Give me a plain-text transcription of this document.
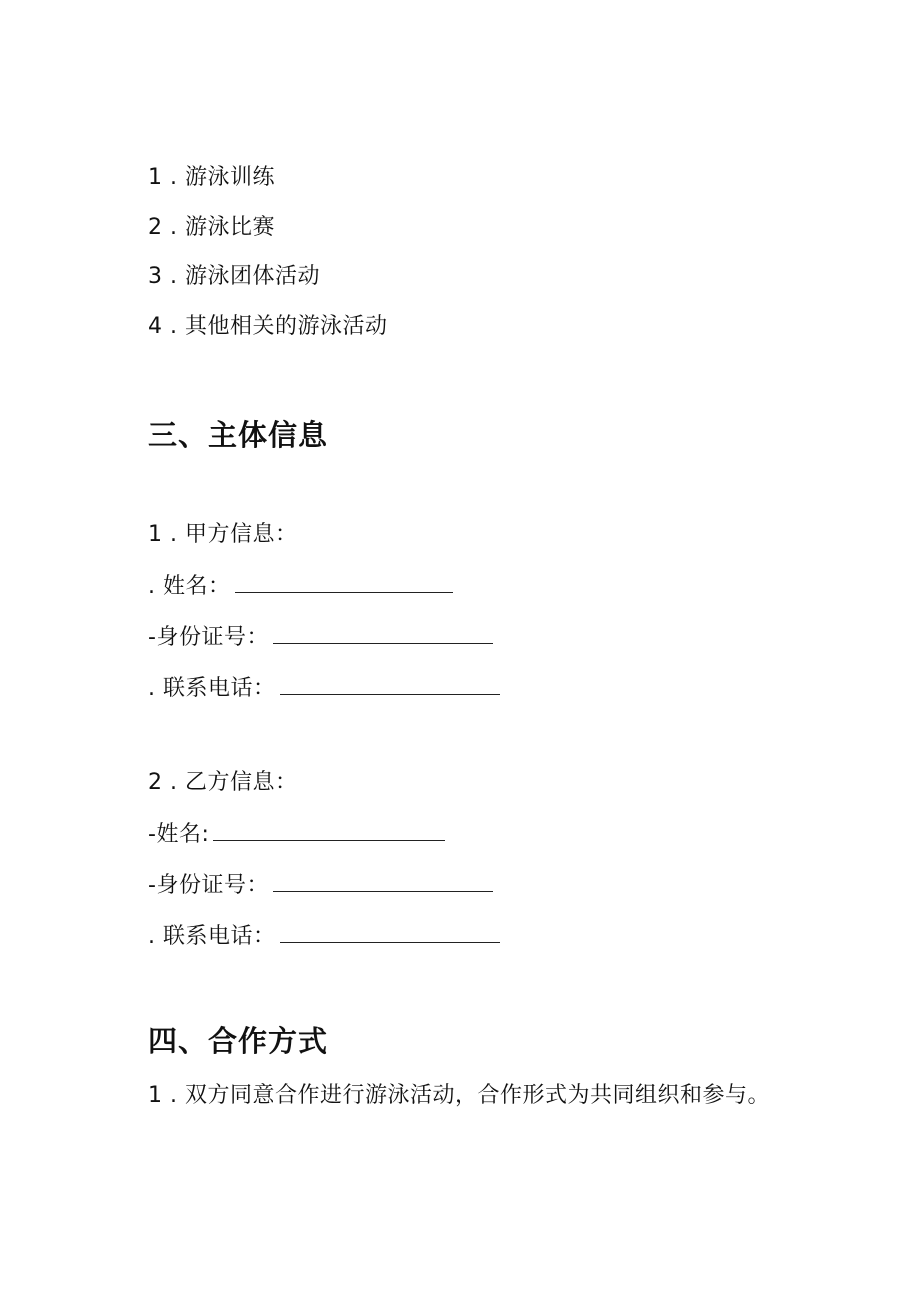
1 . 游泳训练
2 . 游泳比赛
3 . 游泳团体活动
4 . 其他相关的游泳活动
三、主体信息
1 . 甲方信息：
. 姓名：
-身份证号：
. 联系电话：
2 . 乙方信息：
-姓名:
-身份证号：
. 联系电话：
四、合作方式
1 . 双方同意合作进行游泳活动，合作形式为共同组织和参与。
